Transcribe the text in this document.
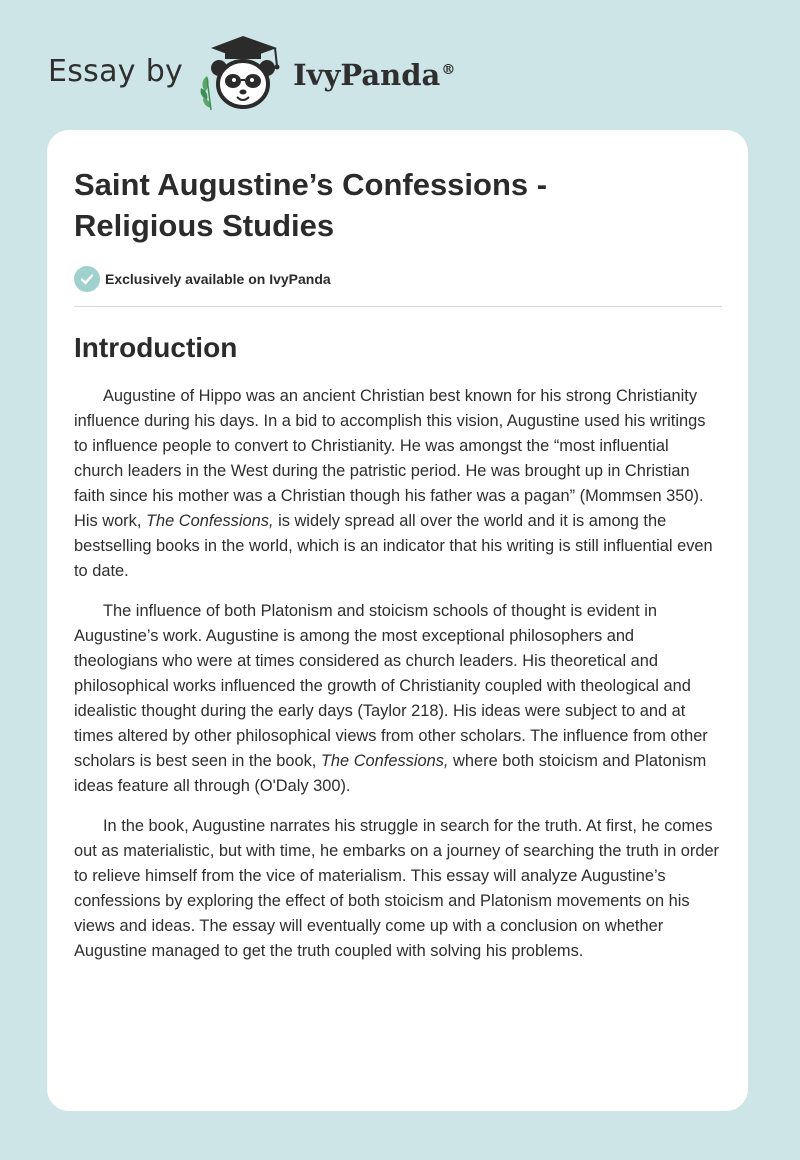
Essay by	IvyPanda®
Saint Augustine’s Confessions - Religious Studies
Exclusively available on IvyPanda
Introduction

Augustine of Hippo was an ancient Christian best known for his strong Christianity influence during his days. In a bid to accomplish this vision, Augustine used his writings to influence people to convert to Christianity. He was amongst the “most influential church leaders in the West during the patristic period. He was brought up in Christian faith since his mother was a Christian though his father was a pagan” (Mommsen 350). His work, The Confessions, is widely spread all over the world and it is among the bestselling books in the world, which is an indicator that his writing is still influential even to date.

The influence of both Platonism and stoicism schools of thought is evident in Augustine’s work. Augustine is among the most exceptional philosophers and theologians who were at times considered as church leaders. His theoretical and philosophical works influenced the growth of Christianity coupled with theological and idealistic thought during the early days (Taylor 218). His ideas were subject to and at times altered by other philosophical views from other scholars. The influence from other scholars is best seen in the book, The Confessions, where both stoicism and Platonism ideas feature all through (O'Daly 300).

In the book, Augustine narrates his struggle in search for the truth. At first, he comes out as materialistic, but with time, he embarks on a journey of searching the truth in order to relieve himself from the vice of materialism. This essay will analyze Augustine’s confessions by exploring the effect of both stoicism and Platonism movements on his views and ideas. The essay will eventually come up with a conclusion on whether Augustine managed to get the truth coupled with solving his problems.
